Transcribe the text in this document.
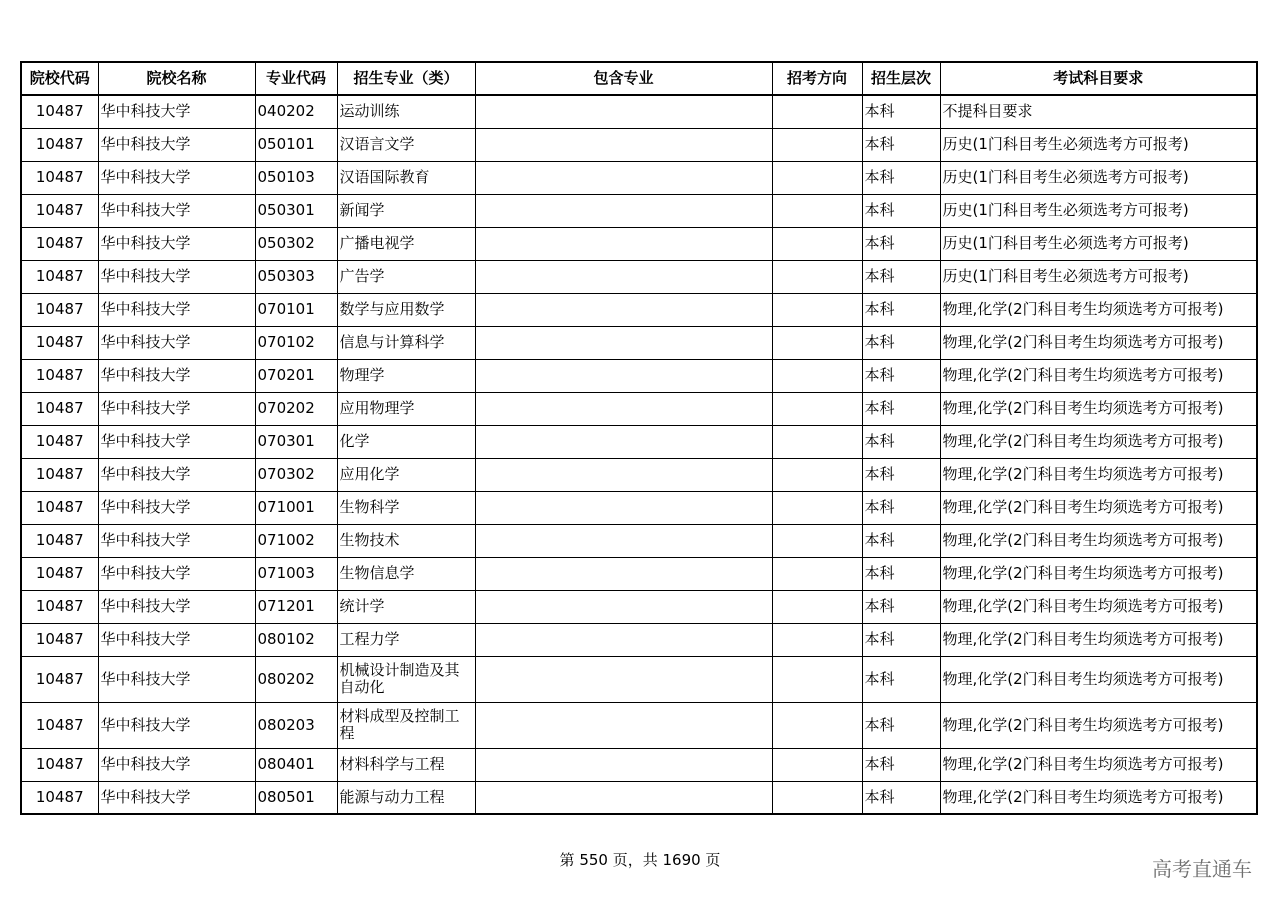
院校代码	院校名称	专业代码	招生专业（类）	包含专业	招考方向	招生层次	考试科目要求
10487	华中科技大学	040202	运动训练			本科	不提科目要求
10487	华中科技大学	050101	汉语言文学			本科	历史(1门科目考生必须选考方可报考)
10487	华中科技大学	050103	汉语国际教育			本科	历史(1门科目考生必须选考方可报考)
10487	华中科技大学	050301	新闻学			本科	历史(1门科目考生必须选考方可报考)
10487	华中科技大学	050302	广播电视学			本科	历史(1门科目考生必须选考方可报考)
10487	华中科技大学	050303	广告学			本科	历史(1门科目考生必须选考方可报考)
10487	华中科技大学	070101	数学与应用数学			本科	物理,化学(2门科目考生均须选考方可报考)
10487	华中科技大学	070102	信息与计算科学			本科	物理,化学(2门科目考生均须选考方可报考)
10487	华中科技大学	070201	物理学			本科	物理,化学(2门科目考生均须选考方可报考)
10487	华中科技大学	070202	应用物理学			本科	物理,化学(2门科目考生均须选考方可报考)
10487	华中科技大学	070301	化学			本科	物理,化学(2门科目考生均须选考方可报考)
10487	华中科技大学	070302	应用化学			本科	物理,化学(2门科目考生均须选考方可报考)
10487	华中科技大学	071001	生物科学			本科	物理,化学(2门科目考生均须选考方可报考)
10487	华中科技大学	071002	生物技术			本科	物理,化学(2门科目考生均须选考方可报考)
10487	华中科技大学	071003	生物信息学			本科	物理,化学(2门科目考生均须选考方可报考)
10487	华中科技大学	071201	统计学			本科	物理,化学(2门科目考生均须选考方可报考)
10487	华中科技大学	080102	工程力学			本科	物理,化学(2门科目考生均须选考方可报考)
10487	华中科技大学	080202	机械设计制造及其自动化			本科	物理,化学(2门科目考生均须选考方可报考)
10487	华中科技大学	080203	材料成型及控制工程			本科	物理,化学(2门科目考生均须选考方可报考)
10487	华中科技大学	080401	材料科学与工程			本科	物理,化学(2门科目考生均须选考方可报考)
10487	华中科技大学	080501	能源与动力工程			本科	物理,化学(2门科目考生均须选考方可报考)
第 550 页，共 1690 页	高考直通车
